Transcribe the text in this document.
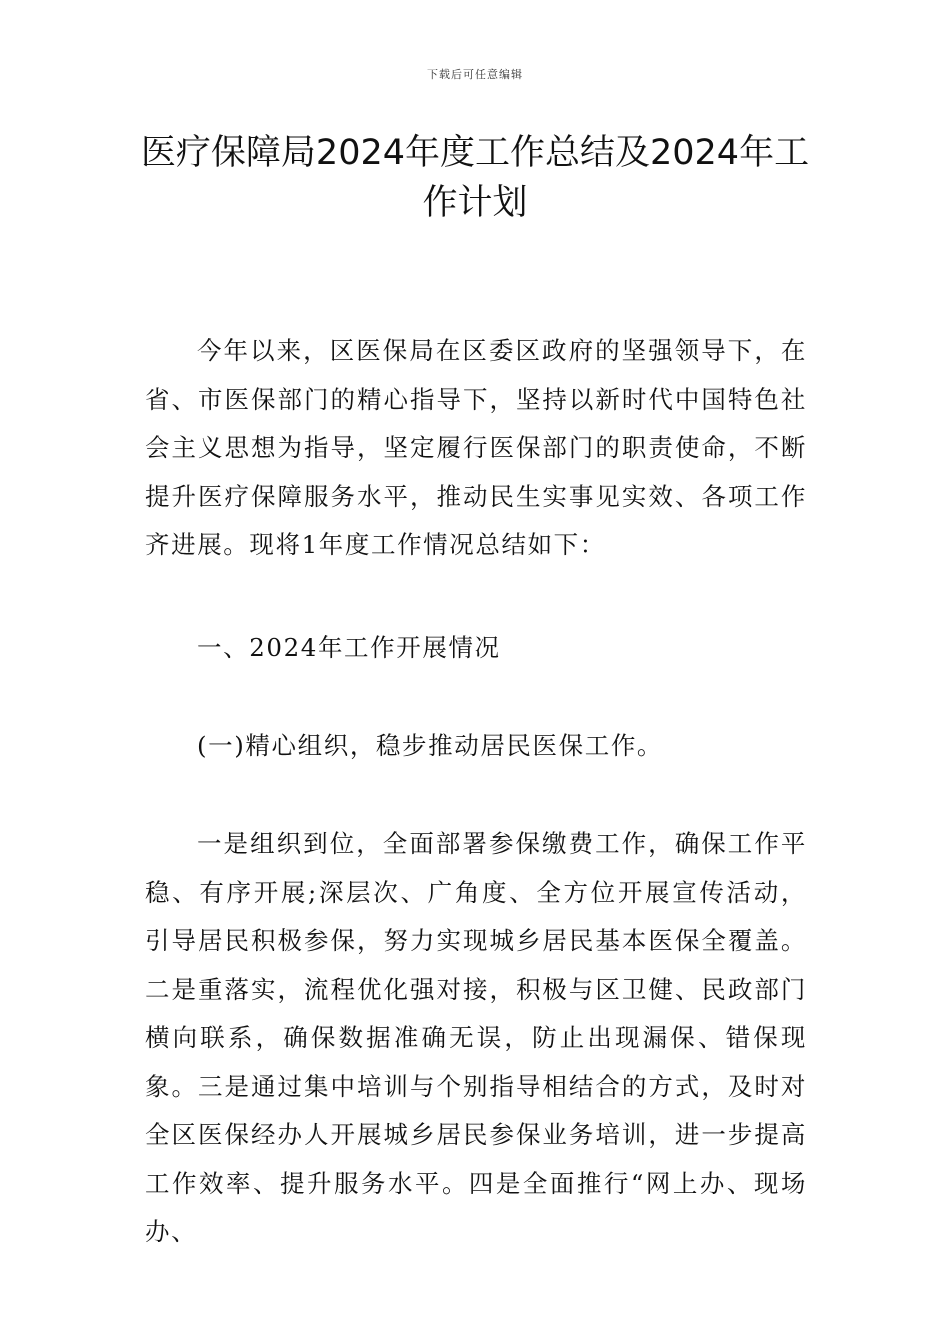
下载后可任意编辑
医疗保障局2024年度工作总结及2024年工作计划

今年以来，区医保局在区委区政府的坚强领导下，在省、市医保部门的精心指导下，坚持以新时代中国特色社会主义思想为指导，坚定履行医保部门的职责使命，不断提升医疗保障服务水平，推动民生实事见实效、各项工作齐进展。现将1年度工作情况总结如下：

一、2024年工作开展情况

(一)精心组织，稳步推动居民医保工作。

一是组织到位，全面部署参保缴费工作，确保工作平稳、有序开展;深层次、广角度、全方位开展宣传活动，引导居民积极参保，努力实现城乡居民基本医保全覆盖。二是重落实，流程优化强对接，积极与区卫健、民政部门横向联系，确保数据准确无误，防止出现漏保、错保现象。三是通过集中培训与个别指导相结合的方式，及时对全区医保经办人开展城乡居民参保业务培训，进一步提高工作效率、提升服务水平。四是全面推行“网上办、现场办、
